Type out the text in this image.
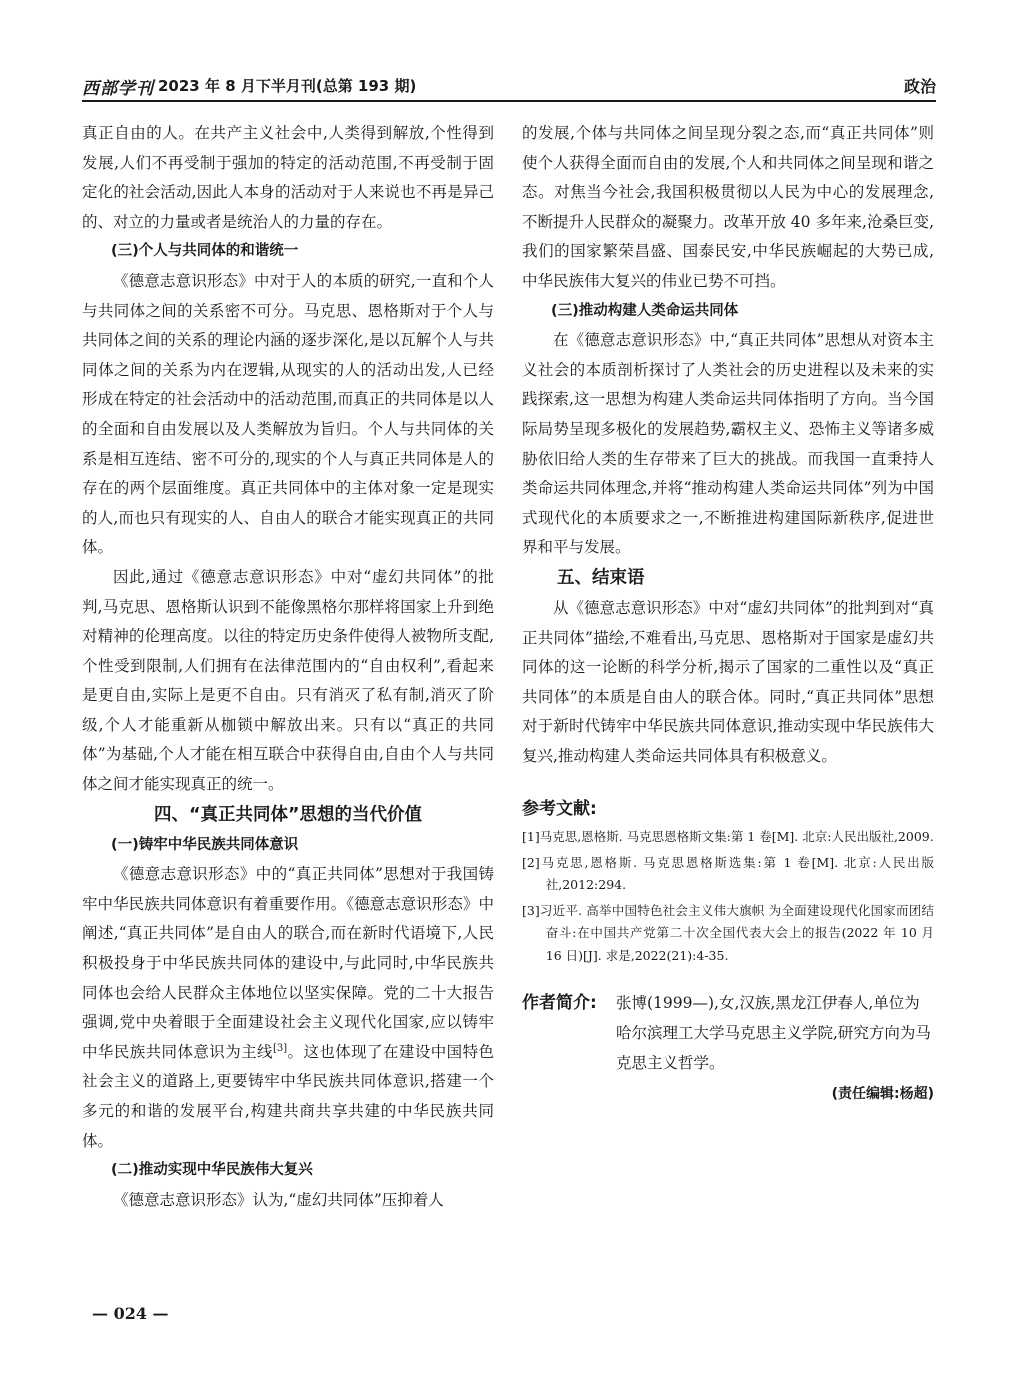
西部学刊 2023 年 8 月下半月刊(总第 193 期)	政治

真正自由的人。在共产主义社会中,人类得到解放,个性得到发展,人们不再受制于强加的特定的活动范围,不再受制于固定化的社会活动,因此人本身的活动对于人来说也不再是异己的、对立的力量或者是统治人的力量的存在。

(三)个人与共同体的和谐统一

《德意志意识形态》中对于人的本质的研究,一直和个人与共同体之间的关系密不可分。马克思、恩格斯对于个人与共同体之间的关系的理论内涵的逐步深化,是以瓦解个人与共同体之间的关系为内在逻辑,从现实的人的活动出发,人已经形成在特定的社会活动中的活动范围,而真正的共同体是以人的全面和自由发展以及人类解放为旨归。个人与共同体的关系是相互连结、密不可分的,现实的个人与真正共同体是人的存在的两个层面维度。真正共同体中的主体对象一定是现实的人,而也只有现实的人、自由人的联合才能实现真正的共同体。

因此,通过《德意志意识形态》中对“虚幻共同体”的批判,马克思、恩格斯认识到不能像黑格尔那样将国家上升到绝对精神的伦理高度。以往的特定历史条件使得人被物所支配,个性受到限制,人们拥有在法律范围内的“自由权利”,看起来是更自由,实际上是更不自由。只有消灭了私有制,消灭了阶级,个人才能重新从枷锁中解放出来。只有以“真正的共同体”为基础,个人才能在相互联合中获得自由,自由个人与共同体之间才能实现真正的统一。

四、“真正共同体”思想的当代价值
(一)铸牢中华民族共同体意识

《德意志意识形态》中的“真正共同体”思想对于我国铸牢中华民族共同体意识有着重要作用。《德意志意识形态》中阐述,“真正共同体”是自由人的联合,而在新时代语境下,人民积极投身于中华民族共同体的建设中,与此同时,中华民族共同体也会给人民群众主体地位以坚实保障。党的二十大报告强调,党中央着眼于全面建设社会主义现代化国家,应以铸牢中华民族共同体意识为主线[3]。这也体现了在建设中国特色社会主义的道路上,更要铸牢中华民族共同体意识,搭建一个多元的和谐的发展平台,构建共商共享共建的中华民族共同体。

(二)推动实现中华民族伟大复兴

《德意志意识形态》认为,“虚幻共同体”压抑着人

的发展,个体与共同体之间呈现分裂之态,而“真正共同体”则使个人获得全面而自由的发展,个人和共同体之间呈现和谐之态。对焦当今社会,我国积极贯彻以人民为中心的发展理念,不断提升人民群众的凝聚力。改革开放 40 多年来,沧桑巨变,我们的国家繁荣昌盛、国泰民安,中华民族崛起的大势已成,中华民族伟大复兴的伟业已势不可挡。

(三)推动构建人类命运共同体

在《德意志意识形态》中,“真正共同体”思想从对资本主义社会的本质剖析探讨了人类社会的历史进程以及未来的实践探索,这一思想为构建人类命运共同体指明了方向。当今国际局势呈现多极化的发展趋势,霸权主义、恐怖主义等诸多威胁依旧给人类的生存带来了巨大的挑战。而我国一直秉持人类命运共同体理念,并将“推动构建人类命运共同体”列为中国式现代化的本质要求之一,不断推进构建国际新秩序,促进世界和平与发展。

五、结束语

从《德意志意识形态》中对“虚幻共同体”的批判到对“真正共同体”描绘,不难看出,马克思、恩格斯对于国家是虚幻共同体的这一论断的科学分析,揭示了国家的二重性以及“真正共同体”的本质是自由人的联合体。同时,“真正共同体”思想对于新时代铸牢中华民族共同体意识,推动实现中华民族伟大复兴,推动构建人类命运共同体具有积极意义。

参考文献:
[1]马克思,恩格斯. 马克思恩格斯文集:第 1 卷[M]. 北京:人民出版社,2009.
[2]马克思,恩格斯. 马克思恩格斯选集:第 1 卷[M]. 北京:人民出版社,2012:294.
[3]习近平. 高举中国特色社会主义伟大旗帜 为全面建设现代化国家而团结奋斗:在中国共产党第二十次全国代表大会上的报告(2022 年 10 月 16 日)[J]. 求是,2022(21):4-35.
作者简介: 张博(1999—),女,汉族,黑龙江伊春人,单位为哈尔滨理工大学马克思主义学院,研究方向为马克思主义哲学。
(责任编辑:杨超)
— 024 —
